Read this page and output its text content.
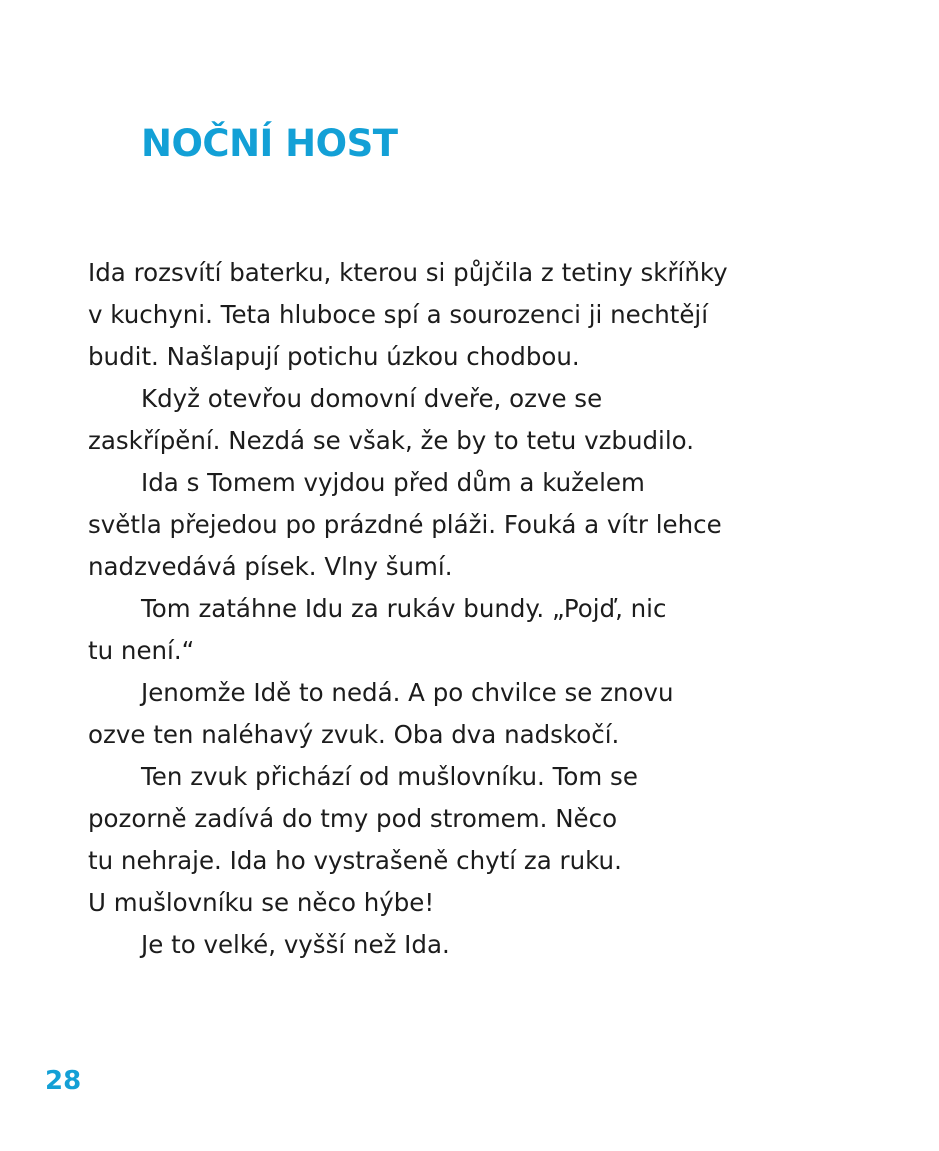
NOČNÍ HOST
Ida rozsvítí baterku, kterou si půjčila z tetiny skříňky
v kuchyni. Teta hluboce spí a sourozenci ji nechtějí
budit. Našlapují potichu úzkou chodbou.
Když otevřou domovní dveře, ozve se
zaskřípění. Nezdá se však, že by to tetu vzbudilo.
Ida s Tomem vyjdou před dům a kuželem
světla přejedou po prázdné pláži. Fouká a vítr lehce
nadzvedává písek. Vlny šumí.
Tom zatáhne Idu za rukáv bundy. „Pojď, nic
tu není.“
Jenomže Idě to nedá. A po chvilce se znovu
ozve ten naléhavý zvuk. Oba dva nadskočí.
Ten zvuk přichází od mušlovníku. Tom se
pozorně zadívá do tmy pod stromem. Něco
tu nehraje. Ida ho vystrašeně chytí za ruku.
U mušlovníku se něco hýbe!
Je to velké, vyšší než Ida.
28
